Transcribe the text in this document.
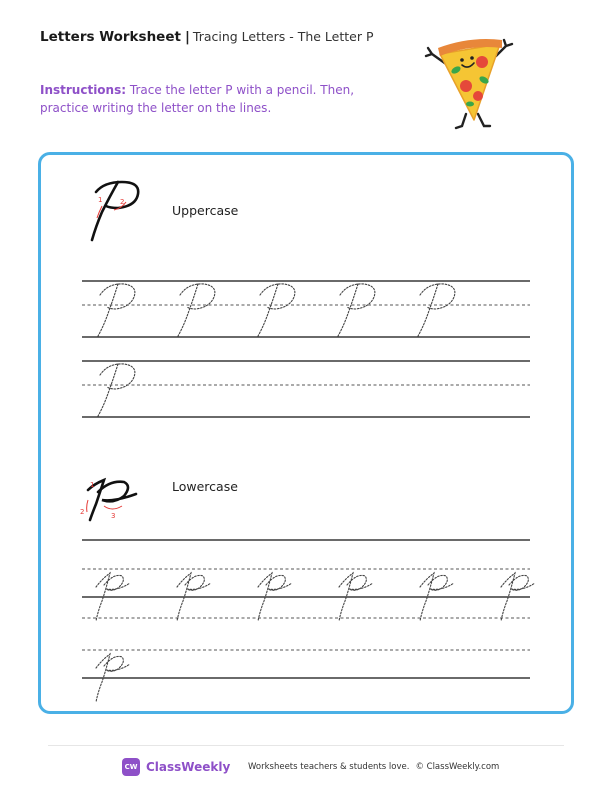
Letters Worksheet | Tracing Letters - The Letter P
Instructions: Trace the letter P with a pencil. Then, practice writing the letter on the lines.
1	2
Uppercase
1
2	3
Lowercase
CW ClassWeekly Worksheets teachers & students love. © ClassWeekly.com
